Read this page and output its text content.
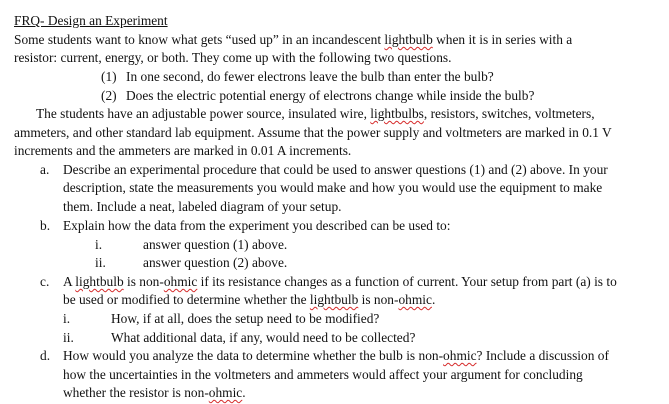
FRQ- Design an Experiment
Some students want to know what gets “used up” in an incandescent lightbulb when it is in series with a
resistor: current, energy, or both. They come up with the following two questions.
(1) In one second, do fewer electrons leave the bulb than enter the bulb?
(2) Does the electric potential energy of electrons change while inside the bulb?
The students have an adjustable power source, insulated wire, lightbulbs, resistors, switches, voltmeters,
ammeters, and other standard lab equipment. Assume that the power supply and voltmeters are marked in 0.1 V
increments and the ammeters are marked in 0.01 A increments.
a. Describe an experimental procedure that could be used to answer questions (1) and (2) above. In your
description, state the measurements you would make and how you would use the equipment to make
them. Include a neat, labeled diagram of your setup.
b. Explain how the data from the experiment you described can be used to:
i.	answer question (1) above.
ii.	answer question (2) above.
c. A lightbulb is non-ohmic if its resistance changes as a function of current. Your setup from part (a) is to
be used or modified to determine whether the lightbulb is non-ohmic.
i.	How, if at all, does the setup need to be modified?
ii.	What additional data, if any, would need to be collected?
d. How would you analyze the data to determine whether the bulb is non-ohmic? Include a discussion of
how the uncertainties in the voltmeters and ammeters would affect your argument for concluding
whether the resistor is non-ohmic.
